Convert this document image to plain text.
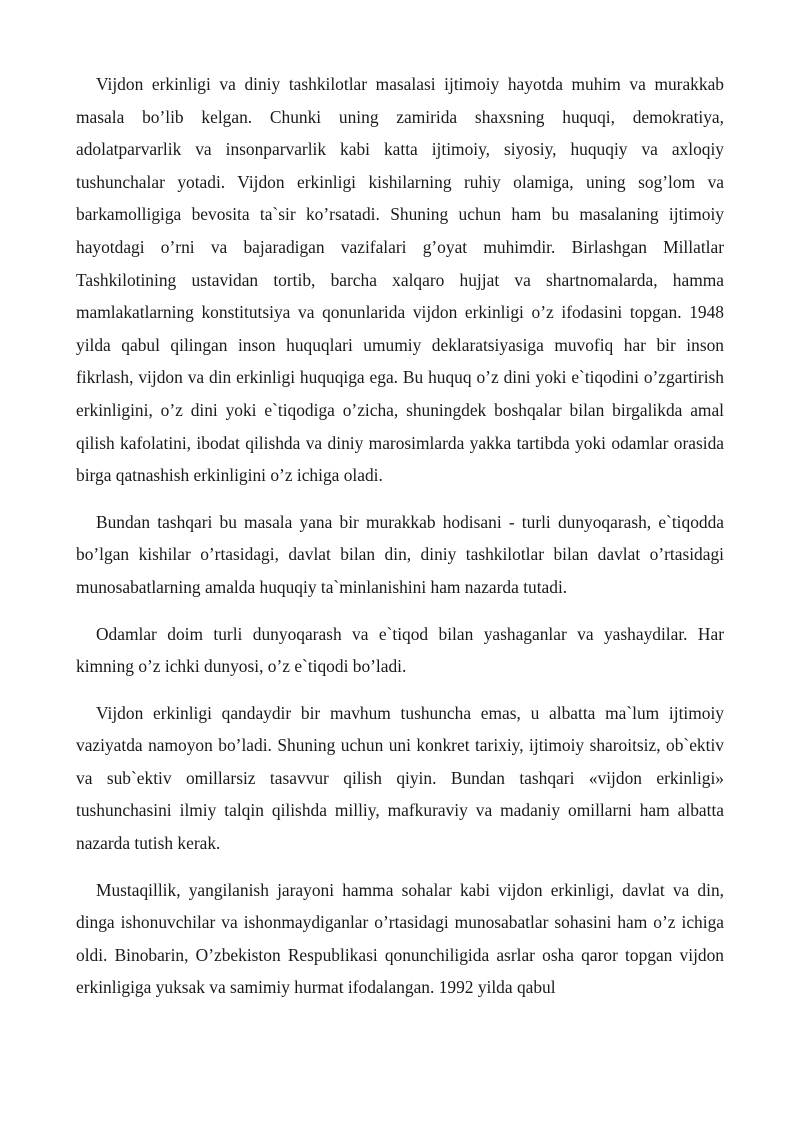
Vijdon erkinligi va diniy tashkilotlar masalasi ijtimoiy hayotda muhim va murakkab masala bo’lib kelgan. Chunki uning zamirida shaxsning huquqi, demokratiya, adolatparvarlik va insonparvarlik kabi katta ijtimoiy, siyosiy, huquqiy va axloqiy tushunchalar yotadi. Vijdon erkinligi kishilarning ruhiy olamiga, uning sog’lom va barkamolligiga bevosita ta`sir ko’rsatadi. Shuning uchun ham bu masalaning ijtimoiy hayotdagi o’rni va bajaradigan vazifalari g’oyat muhimdir. Birlashgan Millatlar Tashkilotining ustavidan tortib, barcha xalqaro hujjat va shartnomalarda, hamma mamlakatlarning konstitutsiya va qonunlarida vijdon erkinligi o’z ifodasini topgan. 1948 yilda qabul qilingan inson huquqlari umumiy deklaratsiyasiga muvofiq har bir inson fikrlash, vijdon va din erkinligi huquqiga ega. Bu huquq o’z dini yoki e`tiqodini o’zgartirish erkinligini, o’z dini yoki e`tiqodiga o’zicha, shuningdek boshqalar bilan birgalikda amal qilish kafolatini, ibodat qilishda va diniy marosimlarda yakka tartibda yoki odamlar orasida birga qatnashish erkinligini o’z ichiga oladi.

Bundan tashqari bu masala yana bir murakkab hodisani - turli dunyoqarash, e`tiqodda bo’lgan kishilar o’rtasidagi, davlat bilan din, diniy tashkilotlar bilan davlat o’rtasidagi munosabatlarning amalda huquqiy ta`minlanishini ham nazarda tutadi.

Odamlar doim turli dunyoqarash va e`tiqod bilan yashaganlar va yashaydilar. Har kimning o’z ichki dunyosi, o’z e`tiqodi bo’ladi.

Vijdon erkinligi qandaydir bir mavhum tushuncha emas, u albatta ma`lum ijtimoiy vaziyatda namoyon bo’ladi. Shuning uchun uni konkret tarixiy, ijtimoiy sharoitsiz, ob`ektiv va sub`ektiv omillarsiz tasavvur qilish qiyin. Bundan tashqari «vijdon erkinligi» tushunchasini ilmiy talqin qilishda milliy, mafkuraviy va madaniy omillarni ham albatta nazarda tutish kerak.

Mustaqillik, yangilanish jarayoni hamma sohalar kabi vijdon erkinligi, davlat va din, dinga ishonuvchilar va ishonmaydiganlar o’rtasidagi munosabatlar sohasini ham o’z ichiga oldi. Binobarin, O’zbekiston Respublikasi qonunchiligida asrlar osha qaror topgan vijdon erkinligiga yuksak va samimiy hurmat ifodalangan. 1992 yilda qabul
